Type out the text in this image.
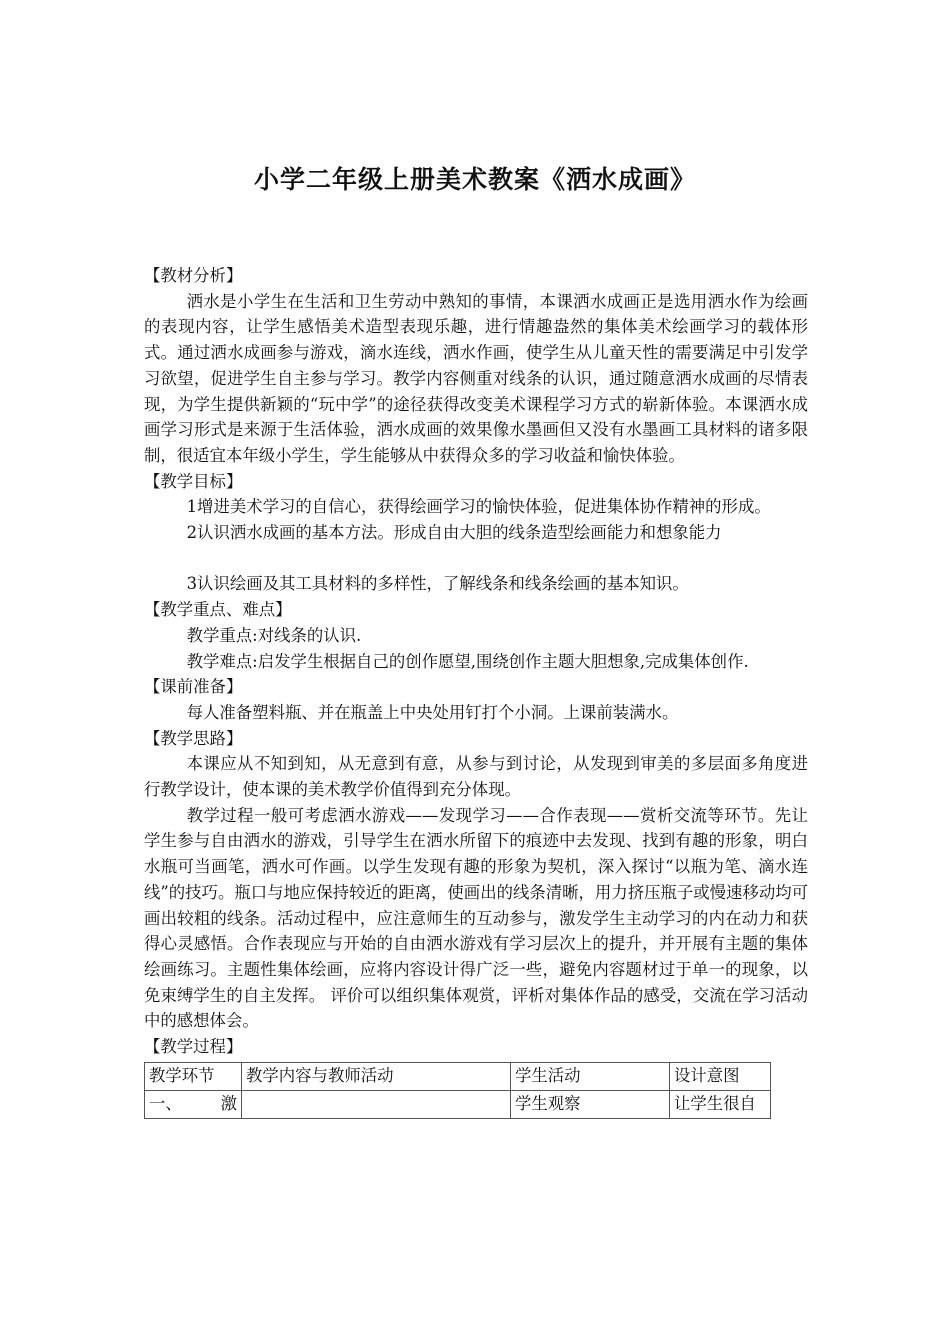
小学二年级上册美术教案《洒水成画》

【教材分析】

洒水是小学生在生活和卫生劳动中熟知的事情，本课洒水成画正是选用洒水作为绘画的表现内容，让学生感悟美术造型表现乐趣，进行情趣盎然的集体美术绘画学习的载体形式。通过洒水成画参与游戏，滴水连线，洒水作画，使学生从儿童天性的需要满足中引发学习欲望，促进学生自主参与学习。教学内容侧重对线条的认识，通过随意洒水成画的尽情表现，为学生提供新颖的“玩中学”的途径获得改变美术课程学习方式的崭新体验。本课洒水成画学习形式是来源于生活体验，洒水成画的效果像水墨画但又没有水墨画工具材料的诸多限制，很适宜本年级小学生，学生能够从中获得众多的学习收益和愉快体验。

【教学目标】

1增进美术学习的自信心，获得绘画学习的愉快体验，促进集体协作精神的形成。

2认识洒水成画的基本方法。形成自由大胆的线条造型绘画能力和想象能力

3认识绘画及其工具材料的多样性，了解线条和线条绘画的基本知识。

【教学重点、难点】

教学重点:对线条的认识.

教学难点:启发学生根据自己的创作愿望,围绕创作主题大胆想象,完成集体创作.

【课前准备】

每人准备塑料瓶、并在瓶盖上中央处用钉打个小洞。上课前装满水。

【教学思路】

本课应从不知到知，从无意到有意，从参与到讨论，从发现到审美的多层面多角度进行教学设计，使本课的美术教学价值得到充分体现。

教学过程一般可考虑洒水游戏——发现学习——合作表现——赏析交流等环节。先让学生参与自由洒水的游戏，引导学生在洒水所留下的痕迹中去发现、找到有趣的形象，明白水瓶可当画笔，洒水可作画。以学生发现有趣的形象为契机，深入探讨“以瓶为笔、滴水连线”的技巧。瓶口与地应保持较近的距离，使画出的线条清晰，用力挤压瓶子或慢速移动均可画出较粗的线条。活动过程中，应注意师生的互动参与，激发学生主动学习的内在动力和获得心灵感悟。合作表现应与开始的自由洒水游戏有学习层次上的提升，并开展有主题的集体绘画练习。主题性集体绘画，应将内容设计得广泛一些，避免内容题材过于单一的现象，以免束缚学生的自主发挥。 评价可以组织集体观赏，评析对集体作品的感受，交流在学习活动中的感想体会。

【教学过程】

教学环节	教学内容与教师活动	学生活动	设计意图

一、 激		学生观察	让学生很自
